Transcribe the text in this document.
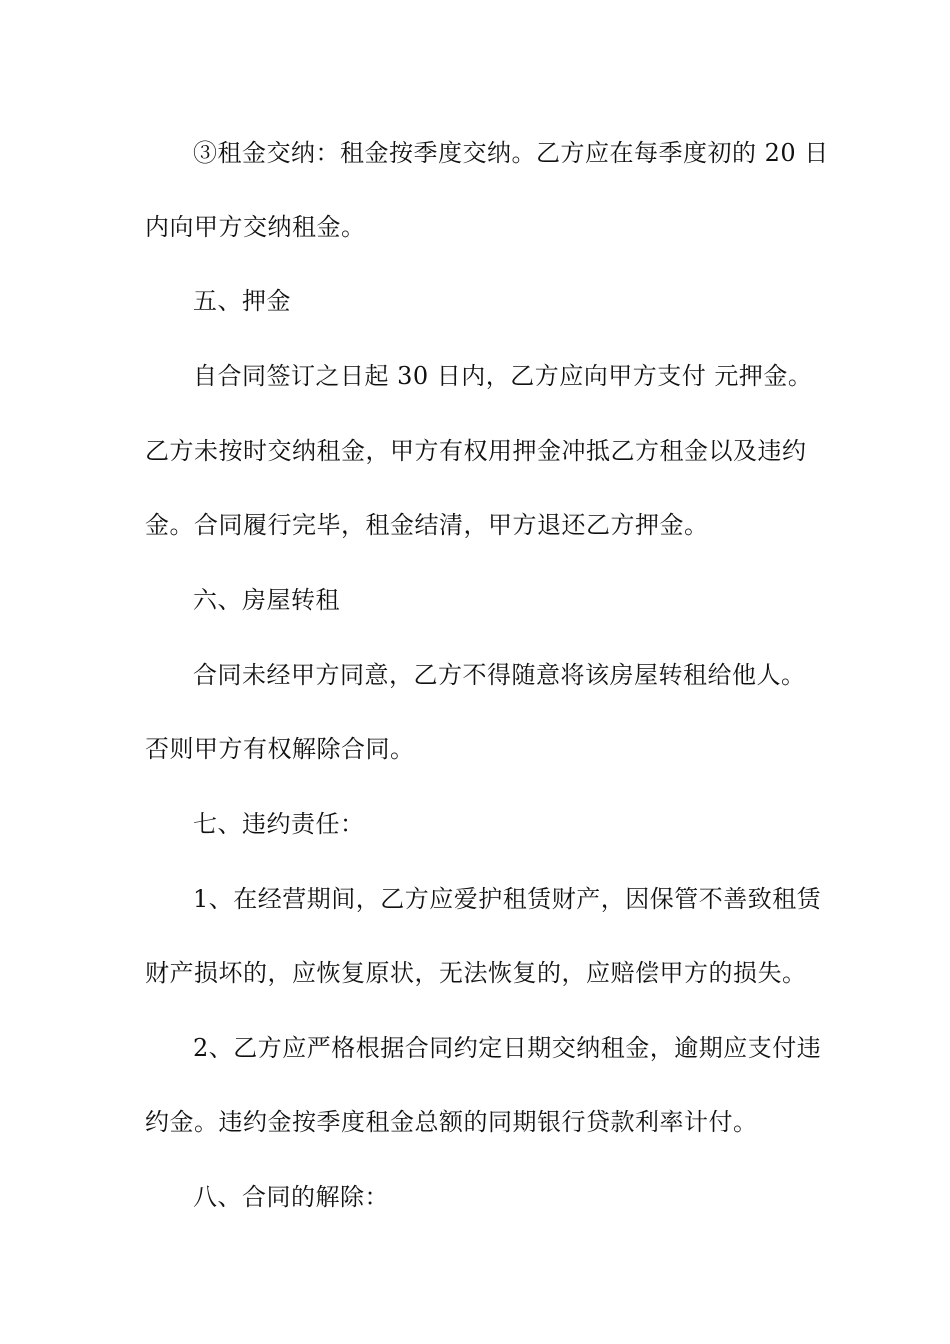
③租金交纳：租金按季度交纳。乙方应在每季度初的 20 日
内向甲方交纳租金。
五、押金
自合同签订之日起 30 日内，乙方应向甲方支付 元押金。
乙方未按时交纳租金，甲方有权用押金冲抵乙方租金以及违约
金。合同履行完毕，租金结清，甲方退还乙方押金。
六、房屋转租
合同未经甲方同意，乙方不得随意将该房屋转租给他人。
否则甲方有权解除合同。
七、违约责任：
1、在经营期间，乙方应爱护租赁财产，因保管不善致租赁
财产损坏的，应恢复原状，无法恢复的，应赔偿甲方的损失。
2、乙方应严格根据合同约定日期交纳租金，逾期应支付违
约金。违约金按季度租金总额的同期银行贷款利率计付。
八、合同的解除：
